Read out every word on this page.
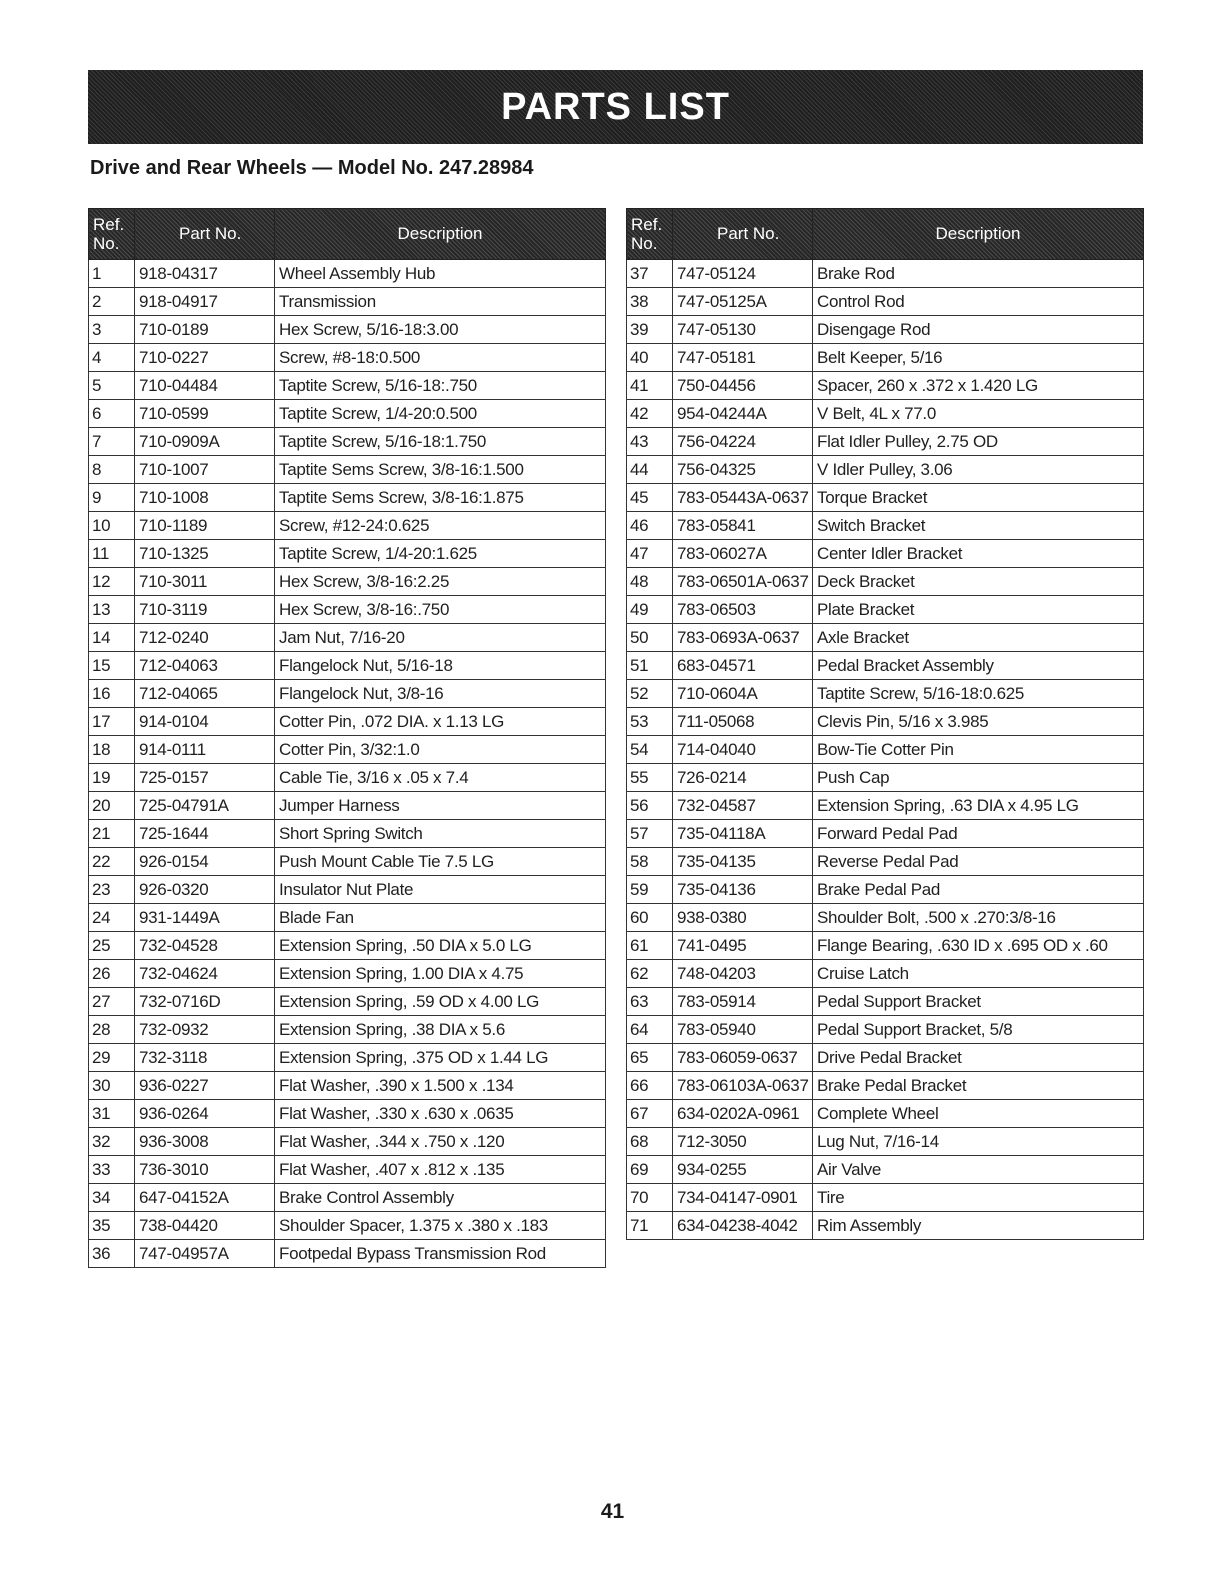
PARTS LIST
Drive and Rear Wheels — Model No. 247.28984
Ref.
No.	Part No.	Description
1	918-04317	Wheel Assembly Hub
2	918-04917	Transmission
3	710-0189	Hex Screw, 5/16-18:3.00
4	710-0227	Screw, #8-18:0.500
5	710-04484	Taptite Screw, 5/16-18:.750
6	710-0599	Taptite Screw, 1/4-20:0.500
7	710-0909A	Taptite Screw, 5/16-18:1.750
8	710-1007	Taptite Sems Screw, 3/8-16:1.500
9	710-1008	Taptite Sems Screw, 3/8-16:1.875
10	710-1189	Screw, #12-24:0.625
11	710-1325	Taptite Screw, 1/4-20:1.625
12	710-3011	Hex Screw, 3/8-16:2.25
13	710-3119	Hex Screw, 3/8-16:.750
14	712-0240	Jam Nut, 7/16-20
15	712-04063	Flangelock Nut, 5/16-18
16	712-04065	Flangelock Nut, 3/8-16
17	914-0104	Cotter Pin, .072 DIA. x 1.13 LG
18	914-0111	Cotter Pin, 3/32:1.0
19	725-0157	Cable Tie, 3/16 x .05 x 7.4
20	725-04791A	Jumper Harness
21	725-1644	Short Spring Switch
22	926-0154	Push Mount Cable Tie 7.5 LG
23	926-0320	Insulator Nut Plate
24	931-1449A	Blade Fan
25	732-04528	Extension Spring, .50 DIA x 5.0 LG
26	732-04624	Extension Spring, 1.00 DIA x 4.75
27	732-0716D	Extension Spring, .59 OD x 4.00 LG
28	732-0932	Extension Spring, .38 DIA x 5.6
29	732-3118	Extension Spring, .375 OD x 1.44 LG
30	936-0227	Flat Washer, .390 x 1.500 x .134
31	936-0264	Flat Washer, .330 x .630 x .0635
32	936-3008	Flat Washer, .344 x .750 x .120
33	736-3010	Flat Washer, .407 x .812 x .135
34	647-04152A	Brake Control Assembly
35	738-04420	Shoulder Spacer, 1.375 x .380 x .183
36	747-04957A	Footpedal Bypass Transmission Rod
Ref.
No.	Part No.	Description
37	747-05124	Brake Rod
38	747-05125A	Control Rod
39	747-05130	Disengage Rod
40	747-05181	Belt Keeper, 5/16
41	750-04456	Spacer, 260 x .372 x 1.420 LG
42	954-04244A	V Belt, 4L x 77.0
43	756-04224	Flat Idler Pulley, 2.75 OD
44	756-04325	V Idler Pulley, 3.06
45	783-05443A-0637	Torque Bracket
46	783-05841	Switch Bracket
47	783-06027A	Center Idler Bracket
48	783-06501A-0637	Deck Bracket
49	783-06503	Plate Bracket
50	783-0693A-0637	Axle Bracket
51	683-04571	Pedal Bracket Assembly
52	710-0604A	Taptite Screw, 5/16-18:0.625
53	711-05068	Clevis Pin, 5/16 x 3.985
54	714-04040	Bow-Tie Cotter Pin
55	726-0214	Push Cap
56	732-04587	Extension Spring, .63 DIA x 4.95 LG
57	735-04118A	Forward Pedal Pad
58	735-04135	Reverse Pedal Pad
59	735-04136	Brake Pedal Pad
60	938-0380	Shoulder Bolt, .500 x .270:3/8-16
61	741-0495	Flange Bearing, .630 ID x .695 OD x .60
62	748-04203	Cruise Latch
63	783-05914	Pedal Support Bracket
64	783-05940	Pedal Support Bracket, 5/8
65	783-06059-0637	Drive Pedal Bracket
66	783-06103A-0637	Brake Pedal Bracket
67	634-0202A-0961	Complete Wheel
68	712-3050	Lug Nut, 7/16-14
69	934-0255	Air Valve
70	734-04147-0901	Tire
71	634-04238-4042	Rim Assembly
41
